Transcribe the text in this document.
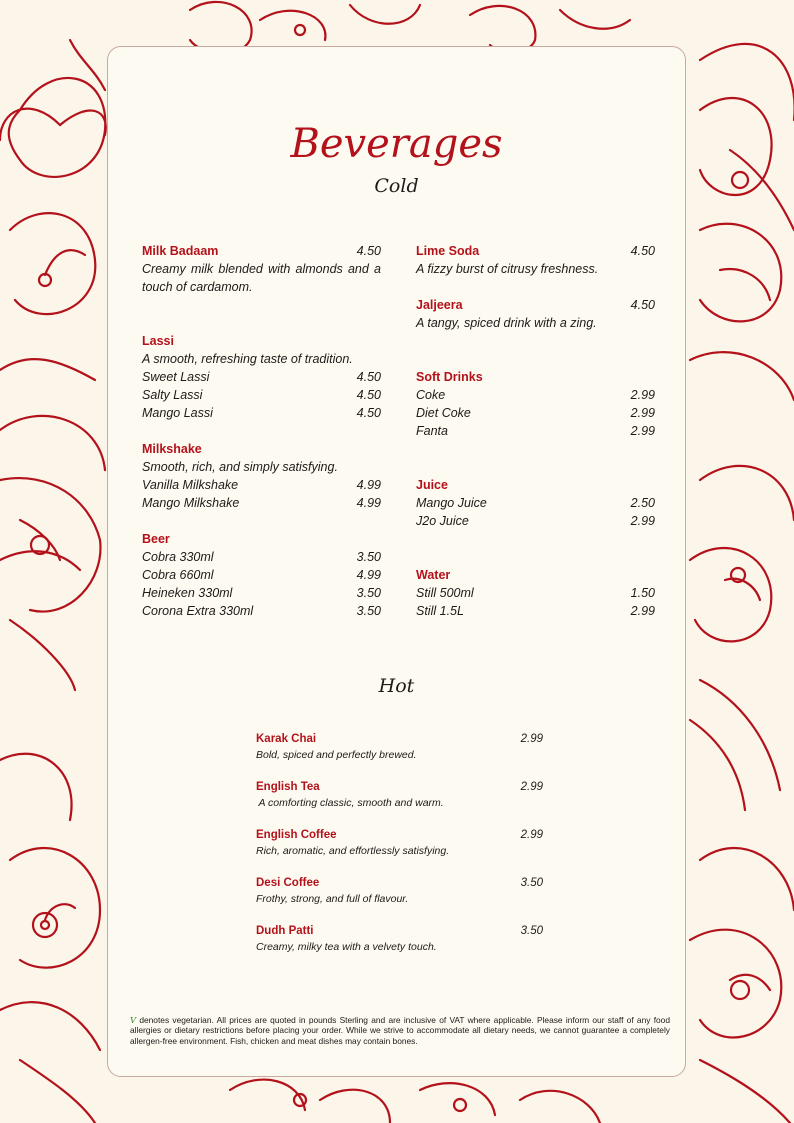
Beverages
Cold
Milk Badaam	4.50
Creamy milk blended with almonds and a touch of cardamom.
Lassi
A smooth, refreshing taste of tradition.
Sweet Lassi	4.50
Salty Lassi	4.50
Mango Lassi	4.50
Milkshake
Smooth, rich, and simply satisfying.
Vanilla Milkshake	4.99
Mango Milkshake	4.99
Beer
Cobra 330ml	3.50
Cobra 660ml	4.99
Heineken 330ml	3.50
Corona Extra 330ml	3.50
Lime Soda	4.50
A fizzy burst of citrusy freshness.
Jaljeera	4.50
A tangy, spiced drink with a zing.
Soft Drinks
Coke	2.99
Diet Coke	2.99
Fanta	2.99
Juice
Mango Juice	2.50
J2o Juice	2.99
Water
Still 500ml	1.50
Still 1.5L	2.99
Hot
Karak Chai	2.99
Bold, spiced and perfectly brewed.
English Tea	2.99
A comforting classic, smooth and warm.
English Coffee	2.99
Rich, aromatic, and effortlessly satisfying.
Desi Coffee	3.50
Frothy, strong, and full of flavour.
Dudh Patti	3.50
Creamy, milky tea with a velvety touch.
V denotes vegetarian. All prices are quoted in pounds Sterling and are inclusive of VAT where applicable. Please inform our staff of any food allergies or dietary restrictions before placing your order. While we strive to accommodate all dietary needs, we cannot guarantee a completely allergen-free environment. Fish, chicken and meat dishes may contain bones.
